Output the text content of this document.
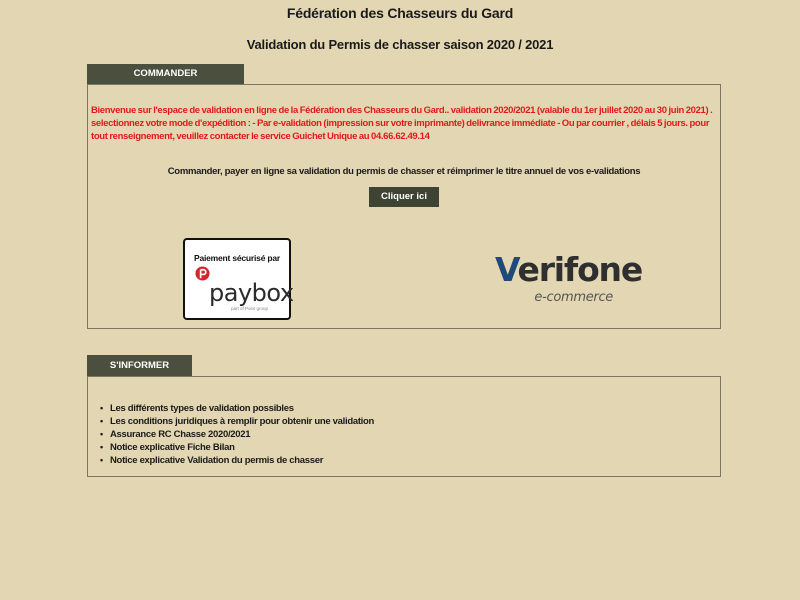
Fédération des Chasseurs du Gard
Validation du Permis de chasser saison 2020 / 2021
COMMANDER
Bienvenue sur l'espace de validation en ligne de la Fédération des Chasseurs du Gard.. validation 2020/2021 (valable du 1er juillet 2020 au 30 juin 2021) . selectionnez votre mode d'expédition : - Par e-validation (impression sur votre imprimante) delivrance immédiate - Ou par courrier , délais 5 jours. pour tout renseignement, veuillez contacter le service Guichet Unique au 04.66.62.49.14
Commander, payer en ligne sa validation du permis de chasser et réimprimer le titre annuel de vos e-validations
Cliquer ici
Paiement sécurisé par
paybox
part of Point group
Verifone
e-commerce
S'INFORMER
• Les différents types de validation possibles
• Les conditions juridiques à remplir pour obtenir une validation
• Assurance RC Chasse 2020/2021
• Notice explicative Fiche Bilan
• Notice explicative Validation du permis de chasser
